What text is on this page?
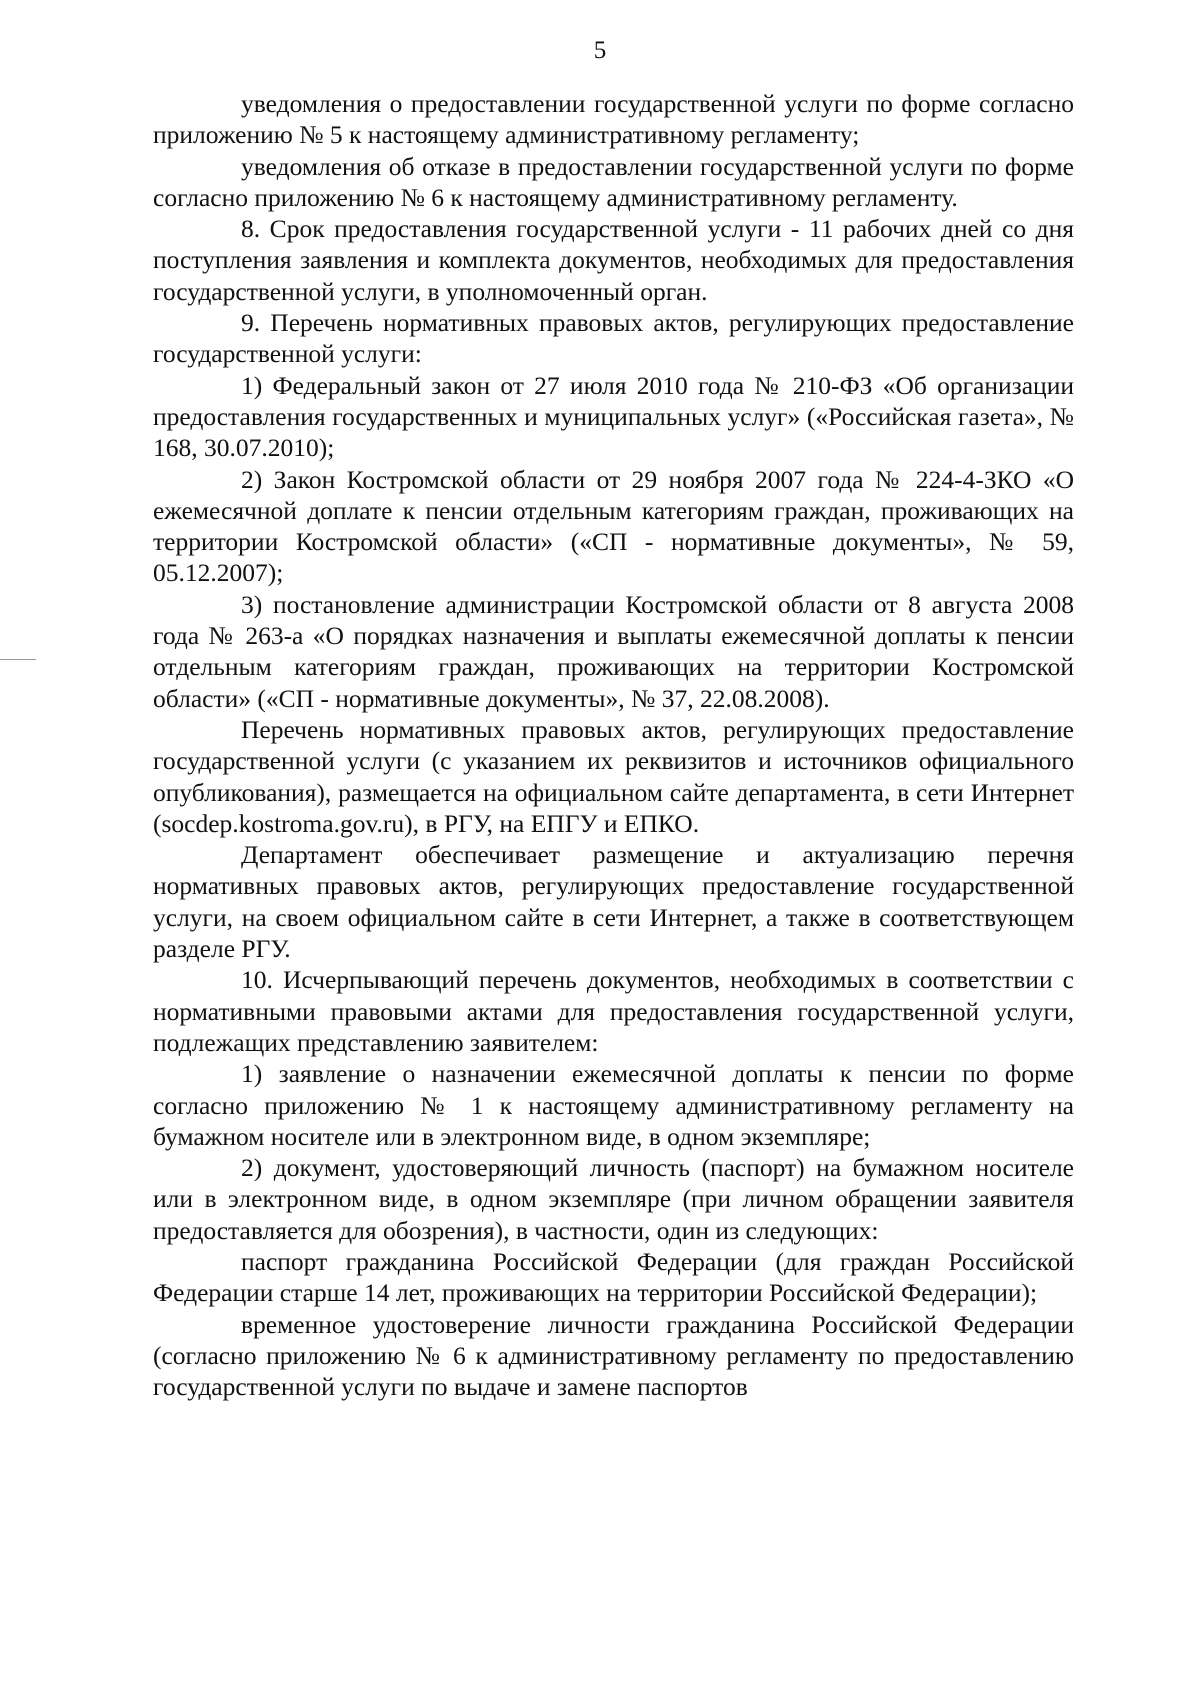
5

уведомления о предоставлении государственной услуги по форме согласно приложению № 5 к настоящему административному регламенту;

уведомления об отказе в предоставлении государственной услуги по форме согласно приложению № 6 к настоящему административному регламенту.

8. Срок предоставления государственной услуги - 11 рабочих дней со дня поступления заявления и комплекта документов, необходимых для предоставления государственной услуги, в уполномоченный орган.

9. Перечень нормативных правовых актов, регулирующих предоставление государственной услуги:

1) Федеральный закон от 27 июля 2010 года № 210-ФЗ «Об организации предоставления государственных и муниципальных услуг» («Российская газета», № 168, 30.07.2010);

2) Закон Костромской области от 29 ноября 2007 года № 224-4-ЗКО «О ежемесячной доплате к пенсии отдельным категориям граждан, проживающих на территории Костромской области» («СП - нормативные документы», № 59, 05.12.2007);

3) постановление администрации Костромской области от 8 августа 2008 года № 263-а «О порядках назначения и выплаты ежемесячной доплаты к пенсии отдельным категориям граждан, проживающих на территории Костромской области» («СП - нормативные документы», № 37, 22.08.2008).

Перечень нормативных правовых актов, регулирующих предоставление государственной услуги (с указанием их реквизитов и источников официального опубликования), размещается на официальном сайте департамента, в сети Интернет (socdep.kostroma.gov.ru), в РГУ, на ЕПГУ и ЕПКО.

Департамент обеспечивает размещение и актуализацию перечня нормативных правовых актов, регулирующих предоставление государственной услуги, на своем официальном сайте в сети Интернет, а также в соответствующем разделе РГУ.

10. Исчерпывающий перечень документов, необходимых в соответствии с нормативными правовыми актами для предоставления государственной услуги, подлежащих представлению заявителем:

1) заявление о назначении ежемесячной доплаты к пенсии по форме согласно приложению № 1 к настоящему административному регламенту на бумажном носителе или в электронном виде, в одном экземпляре;

2) документ, удостоверяющий личность (паспорт) на бумажном носителе или в электронном виде, в одном экземпляре (при личном обращении заявителя предоставляется для обозрения), в частности, один из следующих:

паспорт гражданина Российской Федерации (для граждан Российской Федерации старше 14 лет, проживающих на территории Российской Федерации);

временное удостоверение личности гражданина Российской Федерации (согласно приложению № 6 к административному регламенту по предоставлению государственной услуги по выдаче и замене паспортов
